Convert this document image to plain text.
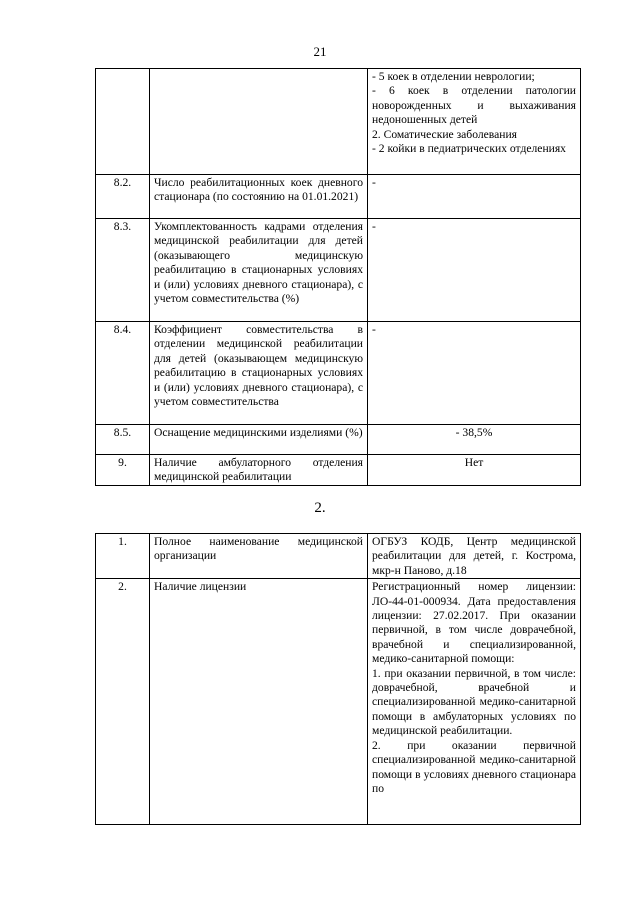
21

		- 5 коек в отделении неврологии;
- 6 коек в отделении патологии новорожденных и выхаживания недоношенных детей
2. Соматические заболевания
- 2 койки в педиатрических отделениях

8.2.	Число реабилитационных коек дневного стационара (по состоянию на 01.01.2021)	-
8.3.	Укомплектованность кадрами отделения медицинской реабилитации для детей (оказывающего медицинскую реабилитацию в стационарных условиях и (или) условиях дневного стационара), с учетом совместительства (%)	-
8.4.	Коэффициент совместительства в отделении медицинской реабилитации для детей (оказывающем медицинскую реабилитацию в стационарных условиях и (или) условиях дневного стационара), с учетом совместительства	-
8.5.	Оснащение медицинскими изделиями (%)	- 38,5%
9.	Наличие амбулаторного отделения медицинской реабилитации	Нет
2.
1.	Полное наименование медицинской организации	ОГБУЗ КОДБ, Центр медицинской реабилитации для детей, г. Кострома, мкр-н Паново, д.18
2.	Наличие лицензии	Регистрационный номер лицензии: ЛО-44-01-000934. Дата предоставления лицензии: 27.02.2017. При оказании первичной, в том числе доврачебной, врачебной и специализированной, медико-санитарной помощи:
1. при оказании первичной, в том числе: доврачебной, врачебной и специализированной медико-санитарной помощи в амбулаторных условиях по медицинской реабилитации.
2. при оказании первичной специализированной медико-санитарной помощи в условиях дневного стационара по
